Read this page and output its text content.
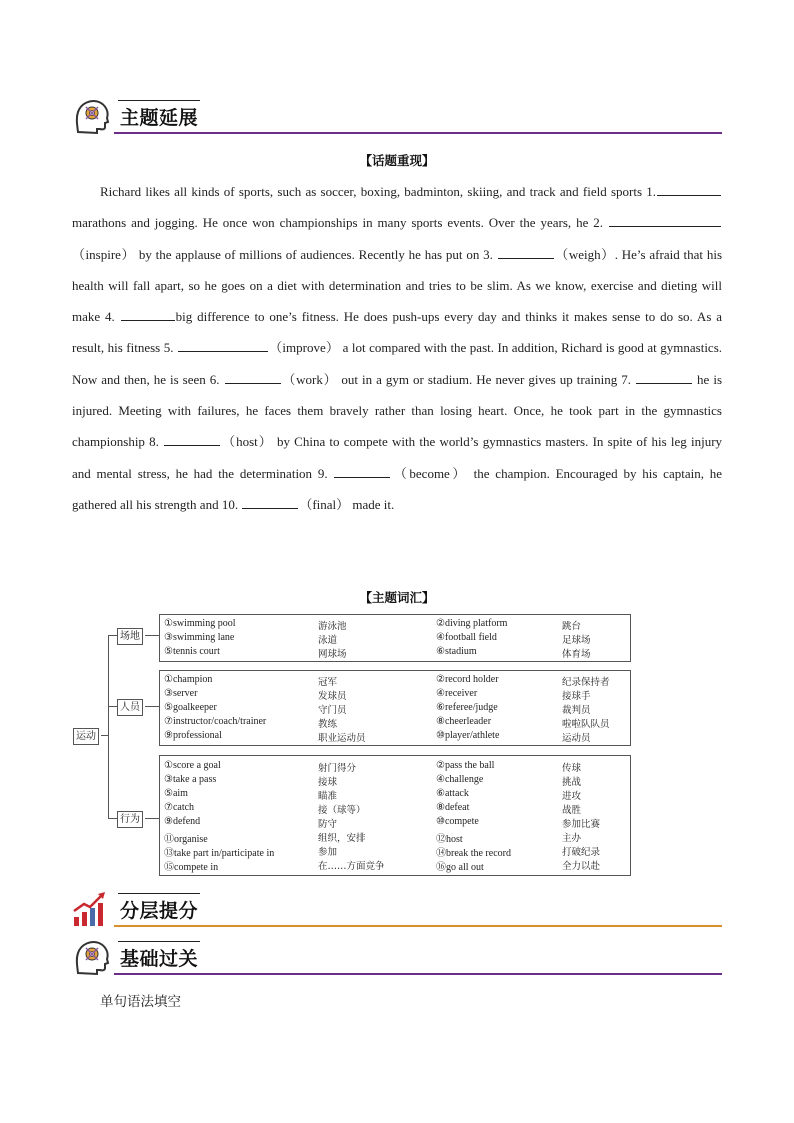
主题延展
【话题重现】
Richard likes all kinds of sports, such as soccer, boxing, badminton, skiing, and track and field sports 1. marathons and jogging. He once won championships in many sports events. Over the years, he 2. （inspire） by the applause of millions of audiences. Recently he has put on 3.	（weigh）. He’s afraid that his health will fall apart, so he goes on a diet with determination and tries to be slim. As we know, exercise and dieting will make 4.	big difference to one’s fitness. He does push-ups every day and thinks it makes sense to do so. As a result, his fitness 5.	（improve） a lot compared with the past. In addition, Richard is good at gymnastics. Now and then, he is seen 6.	（work） out in a gym or stadium. He never gives up training 7.	he is injured. Meeting with failures, he faces them bravely rather than losing heart. Once, he took part in the gymnastics championship 8.	（host） by China to compete with the world’s gymnastics masters. In spite of his leg injury and mental stress, he had the determination 9.	（become） the champion. Encouraged by his captain, he gathered all his strength and 10.	（final） made it.
【主题词汇】
运动
场地
人员
行为
①swimming pool	游泳池	②diving platform	跳台
③swimming lane	泳道	④football field	足球场
⑤tennis court	网球场	⑥stadium	体育场
①champion	冠军	②record holder	纪录保持者
③server	发球员	④receiver	接球手
⑤goalkeeper	守门员	⑥referee/judge	裁判员
⑦instructor/coach/trainer	教练	⑧cheerleader	啦啦队队员
⑨professional	职业运动员	⑩player/athlete	运动员
①score a goal	射门得分	②pass the ball	传球
③take a pass	接球	④challenge	挑战
⑤aim	瞄准	⑥attack	进攻
⑦catch	接（球等）	⑧defeat	战胜
⑨defend	防守	⑩compete	参加比赛
⑪organise	组织，安排	⑫host	主办
⑬take part in/participate in	参加	⑭break the record	打破纪录
⑮compete in	在……方面竞争	⑯go all out	全力以赴
分层提分
基础过关
单句语法填空
